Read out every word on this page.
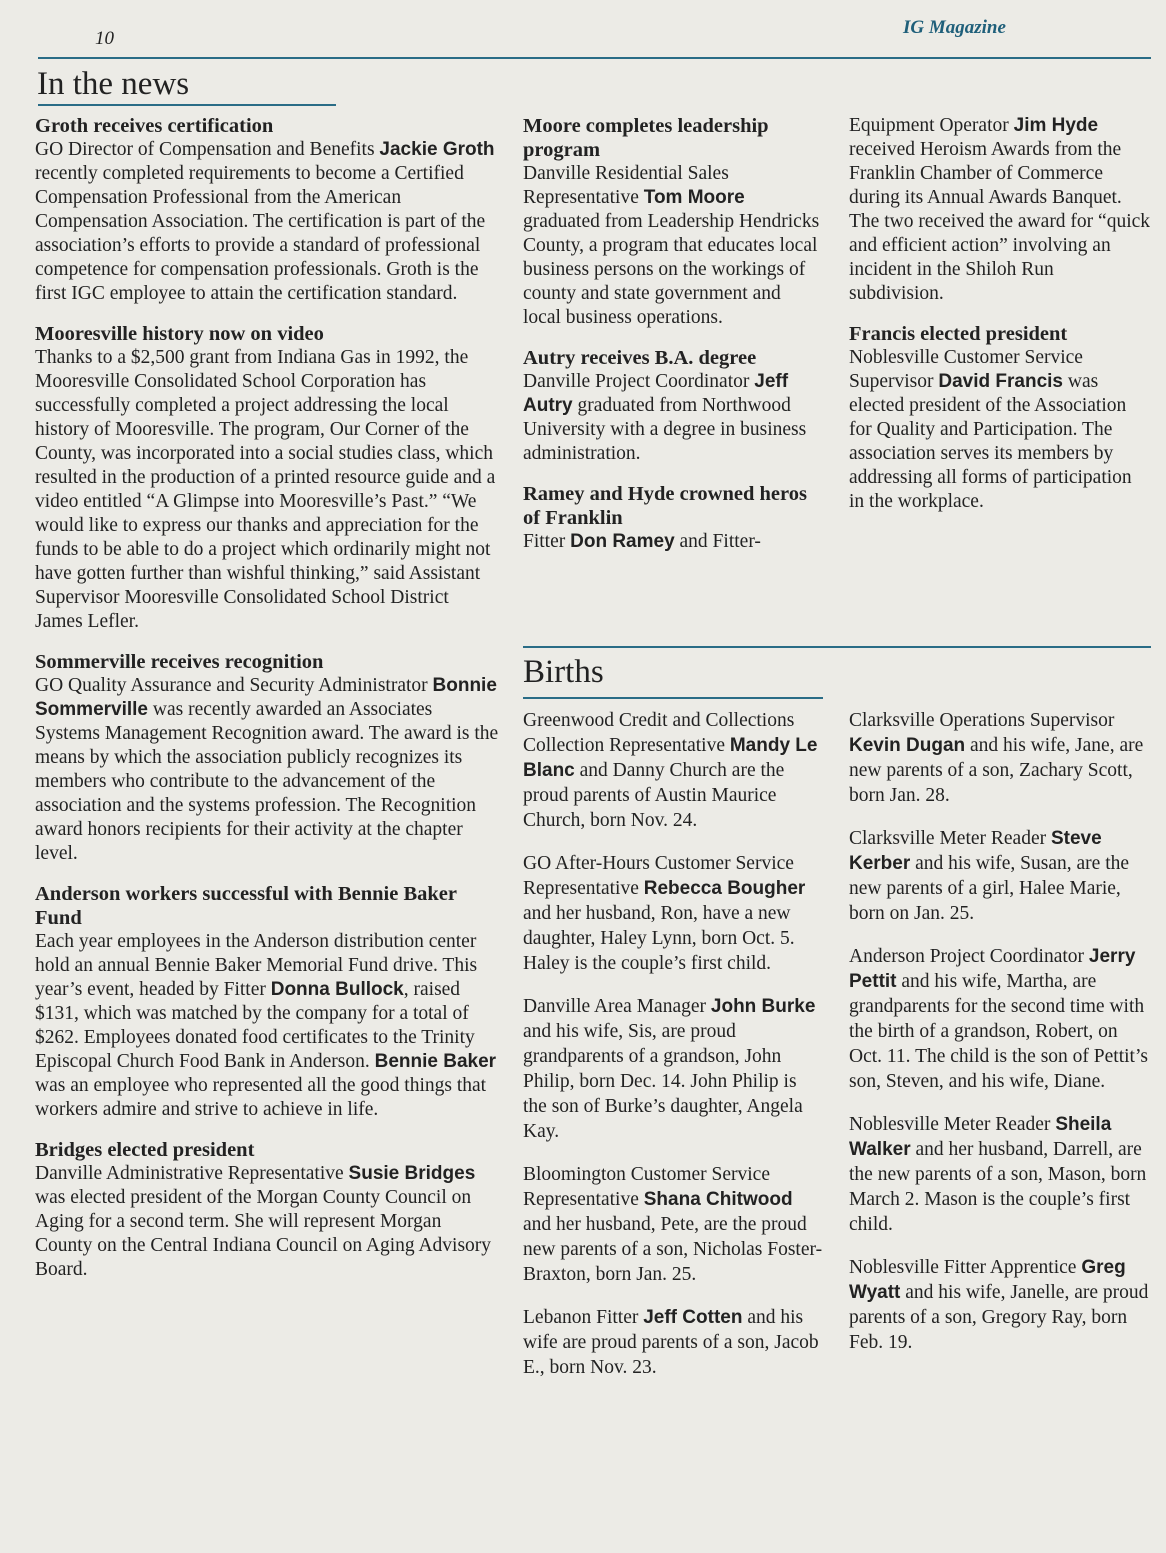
10
IG Magazine
In the news
Groth receives certification
GO Director of Compensation and Benefits Jackie Groth recently completed requirements to become a Certified Compensation Professional from the American Compensation Association. The certification is part of the association’s efforts to provide a standard of professional competence for compensation professionals. Groth is the first IGC employee to attain the certification standard.
Mooresville history now on video
Thanks to a $2,500 grant from Indiana Gas in 1992, the Mooresville Consolidated School Corporation has successfully completed a project addressing the local history of Mooresville. The program, Our Corner of the County, was incorporated into a social studies class, which resulted in the production of a printed resource guide and a video entitled “A Glimpse into Mooresville’s Past.” “We would like to express our thanks and appreciation for the funds to be able to do a project which ordinarily might not have gotten further than wishful thinking,” said Assistant Supervisor Mooresville Consolidated School District James Lefler.
Sommerville receives recognition
GO Quality Assurance and Security Administrator Bonnie Sommerville was recently awarded an Associates Systems Management Recognition award. The award is the means by which the association publicly recognizes its members who contribute to the advancement of the association and the systems profession. The Recognition award honors recipients for their activity at the chapter level.
Anderson workers successful with Bennie Baker Fund
Each year employees in the Anderson distribution center hold an annual Bennie Baker Memorial Fund drive. This year’s event, headed by Fitter Donna Bullock, raised $131, which was matched by the company for a total of $262. Employees donated food certificates to the Trinity Episcopal Church Food Bank in Anderson. Bennie Baker was an employee who represented all the good things that workers admire and strive to achieve in life.
Bridges elected president
Danville Administrative Representative Susie Bridges was elected president of the Morgan County Council on Aging for a second term. She will represent Morgan County on the Central Indiana Council on Aging Advisory Board.
Moore completes leadership program
Danville Residential Sales Representative Tom Moore graduated from Leadership Hendricks County, a program that educates local business persons on the workings of county and state government and local business operations.
Autry receives B.A. degree
Danville Project Coordinator Jeff Autry graduated from Northwood University with a degree in business administration.
Ramey and Hyde crowned heros of Franklin
Fitter Don Ramey and Fitter-
Equipment Operator Jim Hyde received Heroism Awards from the Franklin Chamber of Commerce during its Annual Awards Banquet. The two received the award for “quick and efficient action” involving an incident in the Shiloh Run subdivision.
Francis elected president
Noblesville Customer Service Supervisor David Francis was elected president of the Association for Quality and Participation. The association serves its members by addressing all forms of participation in the workplace.
Births

Greenwood Credit and Collections Collection Representative Mandy Le Blanc and Danny Church are the proud parents of Austin Maurice Church, born Nov. 24.

GO After-Hours Customer Service Representative Rebecca Bougher and her husband, Ron, have a new daughter, Haley Lynn, born Oct. 5. Haley is the couple’s first child.

Danville Area Manager John Burke and his wife, Sis, are proud grandparents of a grandson, John Philip, born Dec. 14. John Philip is the son of Burke’s daughter, Angela Kay.

Bloomington Customer Service Representative Shana Chitwood and her husband, Pete, are the proud new parents of a son, Nicholas Foster-Braxton, born Jan. 25.

Lebanon Fitter Jeff Cotten and his wife are proud parents of a son, Jacob E., born Nov. 23.

Clarksville Operations Supervisor Kevin Dugan and his wife, Jane, are new parents of a son, Zachary Scott, born Jan. 28.

Clarksville Meter Reader Steve Kerber and his wife, Susan, are the new parents of a girl, Halee Marie, born on Jan. 25.

Anderson Project Coordinator Jerry Pettit and his wife, Martha, are grandparents for the second time with the birth of a grandson, Robert, on Oct. 11. The child is the son of Pettit’s son, Steven, and his wife, Diane.

Noblesville Meter Reader Sheila Walker and her husband, Darrell, are the new parents of a son, Mason, born March 2. Mason is the couple’s first child.

Noblesville Fitter Apprentice Greg Wyatt and his wife, Janelle, are proud parents of a son, Gregory Ray, born Feb. 19.
